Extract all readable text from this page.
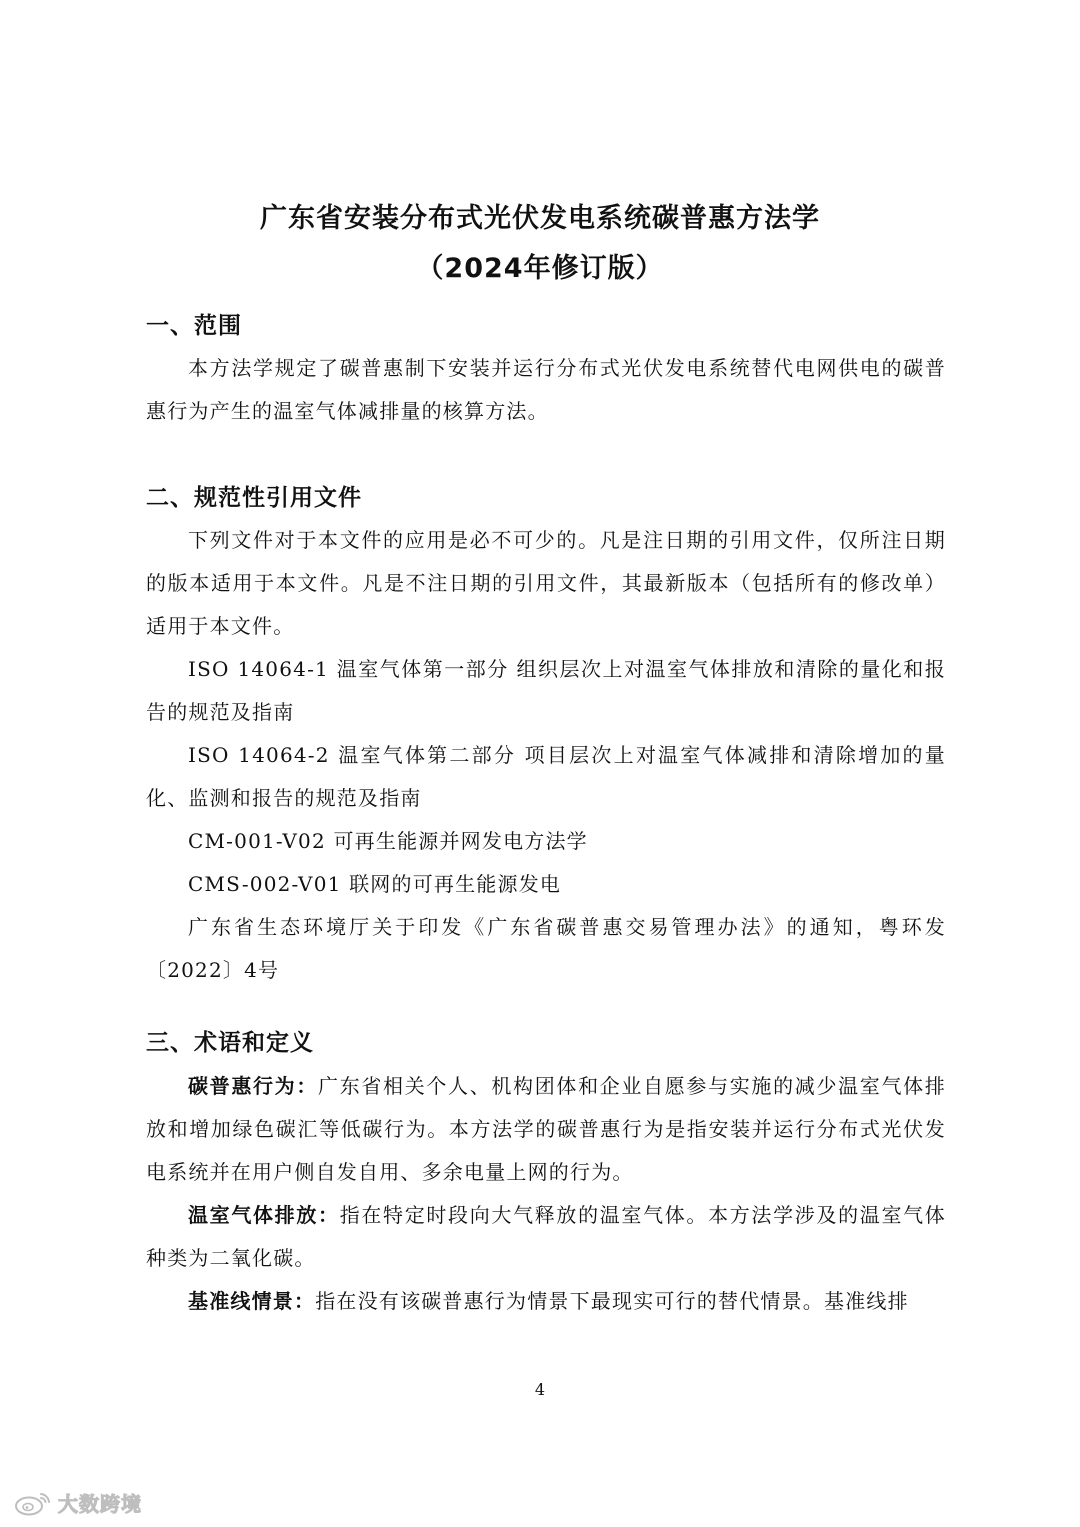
广东省安装分布式光伏发电系统碳普惠方法学
（2024年修订版）
一、范围

本方法学规定了碳普惠制下安装并运行分布式光伏发电系统替代电网供电的碳普惠行为产生的温室气体减排量的核算方法。

二、规范性引用文件

下列文件对于本文件的应用是必不可少的。凡是注日期的引用文件，仅所注日期的版本适用于本文件。凡是不注日期的引用文件，其最新版本（包括所有的修改单）适用于本文件。

ISO 14064-1 温室气体第一部分 组织层次上对温室气体排放和清除的量化和报告的规范及指南

ISO 14064-2 温室气体第二部分 项目层次上对温室气体减排和清除增加的量化、监测和报告的规范及指南

CM-001-V02 可再生能源并网发电方法学

CMS-002-V01 联网的可再生能源发电

广东省生态环境厅关于印发《广东省碳普惠交易管理办法》的通知，粤环发〔2022〕4号

三、术语和定义

碳普惠行为：广东省相关个人、机构团体和企业自愿参与实施的减少温室气体排放和增加绿色碳汇等低碳行为。本方法学的碳普惠行为是指安装并运行分布式光伏发电系统并在用户侧自发自用、多余电量上网的行为。

温室气体排放：指在特定时段向大气释放的温室气体。本方法学涉及的温室气体种类为二氧化碳。

基准线情景：指在没有该碳普惠行为情景下最现实可行的替代情景。基准线排

4
大数跨境
